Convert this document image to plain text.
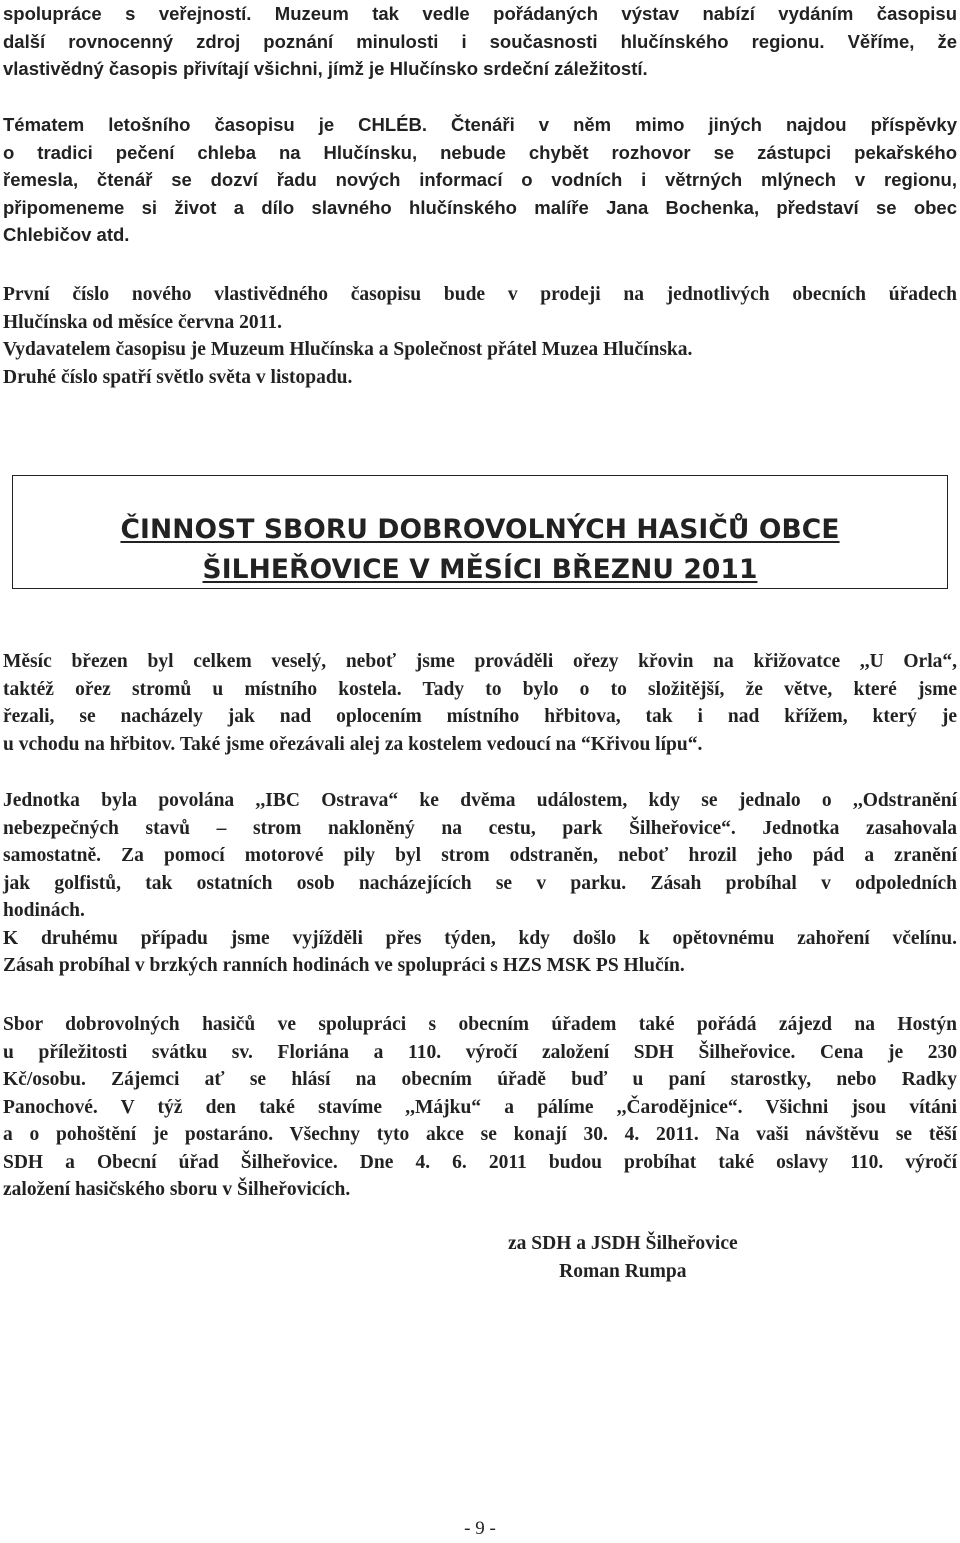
spolupráce s veřejností. Muzeum tak vedle pořádaných výstav nabízí vydáním časopisu
další rovnocenný zdroj poznání minulosti i současnosti hlučínského regionu. Věříme, že
vlastivědný časopis přivítají všichni, jímž je Hlučínsko srdeční záležitostí.
Tématem letošního časopisu je CHLÉB. Čtenáři v něm mimo jiných najdou příspěvky
o tradici pečení chleba na Hlučínsku, nebude chybět rozhovor se zástupci pekařského
řemesla, čtenář se dozví řadu nových informací o vodních i větrných mlýnech v regionu,
připomeneme si život a dílo slavného hlučínského malíře Jana Bochenka, představí se obec
Chlebičov atd.
První číslo nového vlastivědného časopisu bude v prodeji na jednotlivých obecních úřadech
Hlučínska od měsíce června 2011.
Vydavatelem časopisu je Muzeum Hlučínska a Společnost přátel Muzea Hlučínska.
Druhé číslo spatří světlo světa v listopadu.
ČINNOST SBORU DOBROVOLNÝCH HASIČŮ OBCE
ŠILHEŘOVICE V MĚSÍCI BŘEZNU 2011
Měsíc březen byl celkem veselý, neboť jsme prováděli ořezy křovin na křižovatce ,,U Orla“,
taktéž ořez stromů u místního kostela. Tady to bylo o to složitější, že větve, které jsme
řezali, se nacházely jak nad oplocením místního hřbitova, tak i nad křížem, který je
u vchodu na hřbitov. Také jsme ořezávali alej za kostelem vedoucí na “Křivou lípu“.
Jednotka byla povolána ,,IBC Ostrava“ ke dvěma událostem, kdy se jednalo o ,,Odstranění
nebezpečných stavů – strom nakloněný na cestu, park Šilheřovice“. Jednotka zasahovala
samostatně. Za pomocí motorové pily byl strom odstraněn, neboť hrozil jeho pád a zranění
jak golfistů, tak ostatních osob nacházejících se v parku. Zásah probíhal v odpoledních
hodinách.
K druhému případu jsme vyjížděli přes týden, kdy došlo k opětovnému zahoření včelínu.
Zásah probíhal v brzkých ranních hodinách ve spolupráci s HZS MSK PS Hlučín.
Sbor dobrovolných hasičů ve spolupráci s obecním úřadem také pořádá zájezd na Hostýn
u příležitosti svátku sv. Floriána a 110. výročí založení SDH Šilheřovice. Cena je 230
Kč/osobu. Zájemci ať se hlásí na obecním úřadě buď u paní starostky, nebo Radky
Panochové. V týž den také stavíme ,,Májku“ a pálíme ,,Čarodějnice“. Všichni jsou vítáni
a o pohoštění je postaráno. Všechny tyto akce se konají 30. 4. 2011. Na vaši návštěvu se těší
SDH a Obecní úřad Šilheřovice. Dne 4. 6. 2011 budou probíhat také oslavy 110. výročí
založení hasičského sboru v Šilheřovicích.
za SDH a JSDH Šilheřovice
Roman Rumpa
- 9 -
